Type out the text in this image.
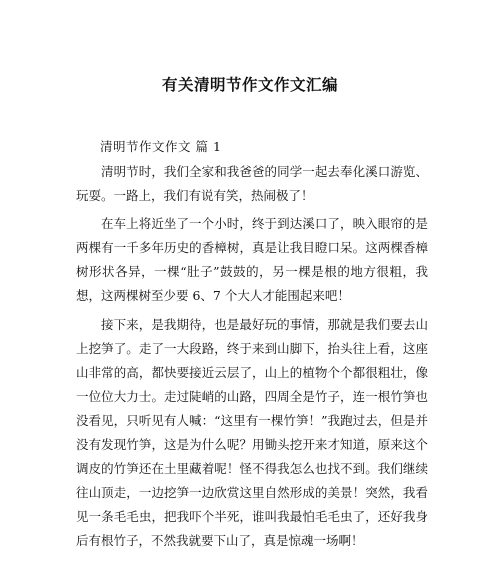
有关清明节作文作文汇编
清明节作文作文 篇 1

清明节时，我们全家和我爸爸的同学一起去奉化溪口游览、玩耍。一路上，我们有说有笑，热闹极了！

在车上将近坐了一个小时，终于到达溪口了，映入眼帘的是两棵有一千多年历史的香樟树，真是让我目瞪口呆。这两棵香樟树形状各异，一棵“肚子”鼓鼓的，另一棵是根的地方很粗，我想，这两棵树至少要 6、7 个大人才能围起来吧！

接下来，是我期待，也是最好玩的事情，那就是我们要去山上挖笋了。走了一大段路，终于来到山脚下，抬头往上看，这座山非常的高，都快要接近云层了，山上的植物个个都很粗壮，像一位位大力士。走过陡峭的山路，四周全是竹子，连一根竹笋也没看见，只听见有人喊：“这里有一棵竹笋！”我跑过去，但是并没有发现竹笋，这是为什么呢？用锄头挖开来才知道，原来这个调皮的竹笋还在土里藏着呢！怪不得我怎么也找不到。我们继续往山顶走，一边挖笋一边欣赏这里自然形成的美景！突然，我看见一条毛毛虫，把我吓个半死，谁叫我最怕毛毛虫了，还好我身后有根竹子，不然我就要下山了，真是惊魂一场啊！
